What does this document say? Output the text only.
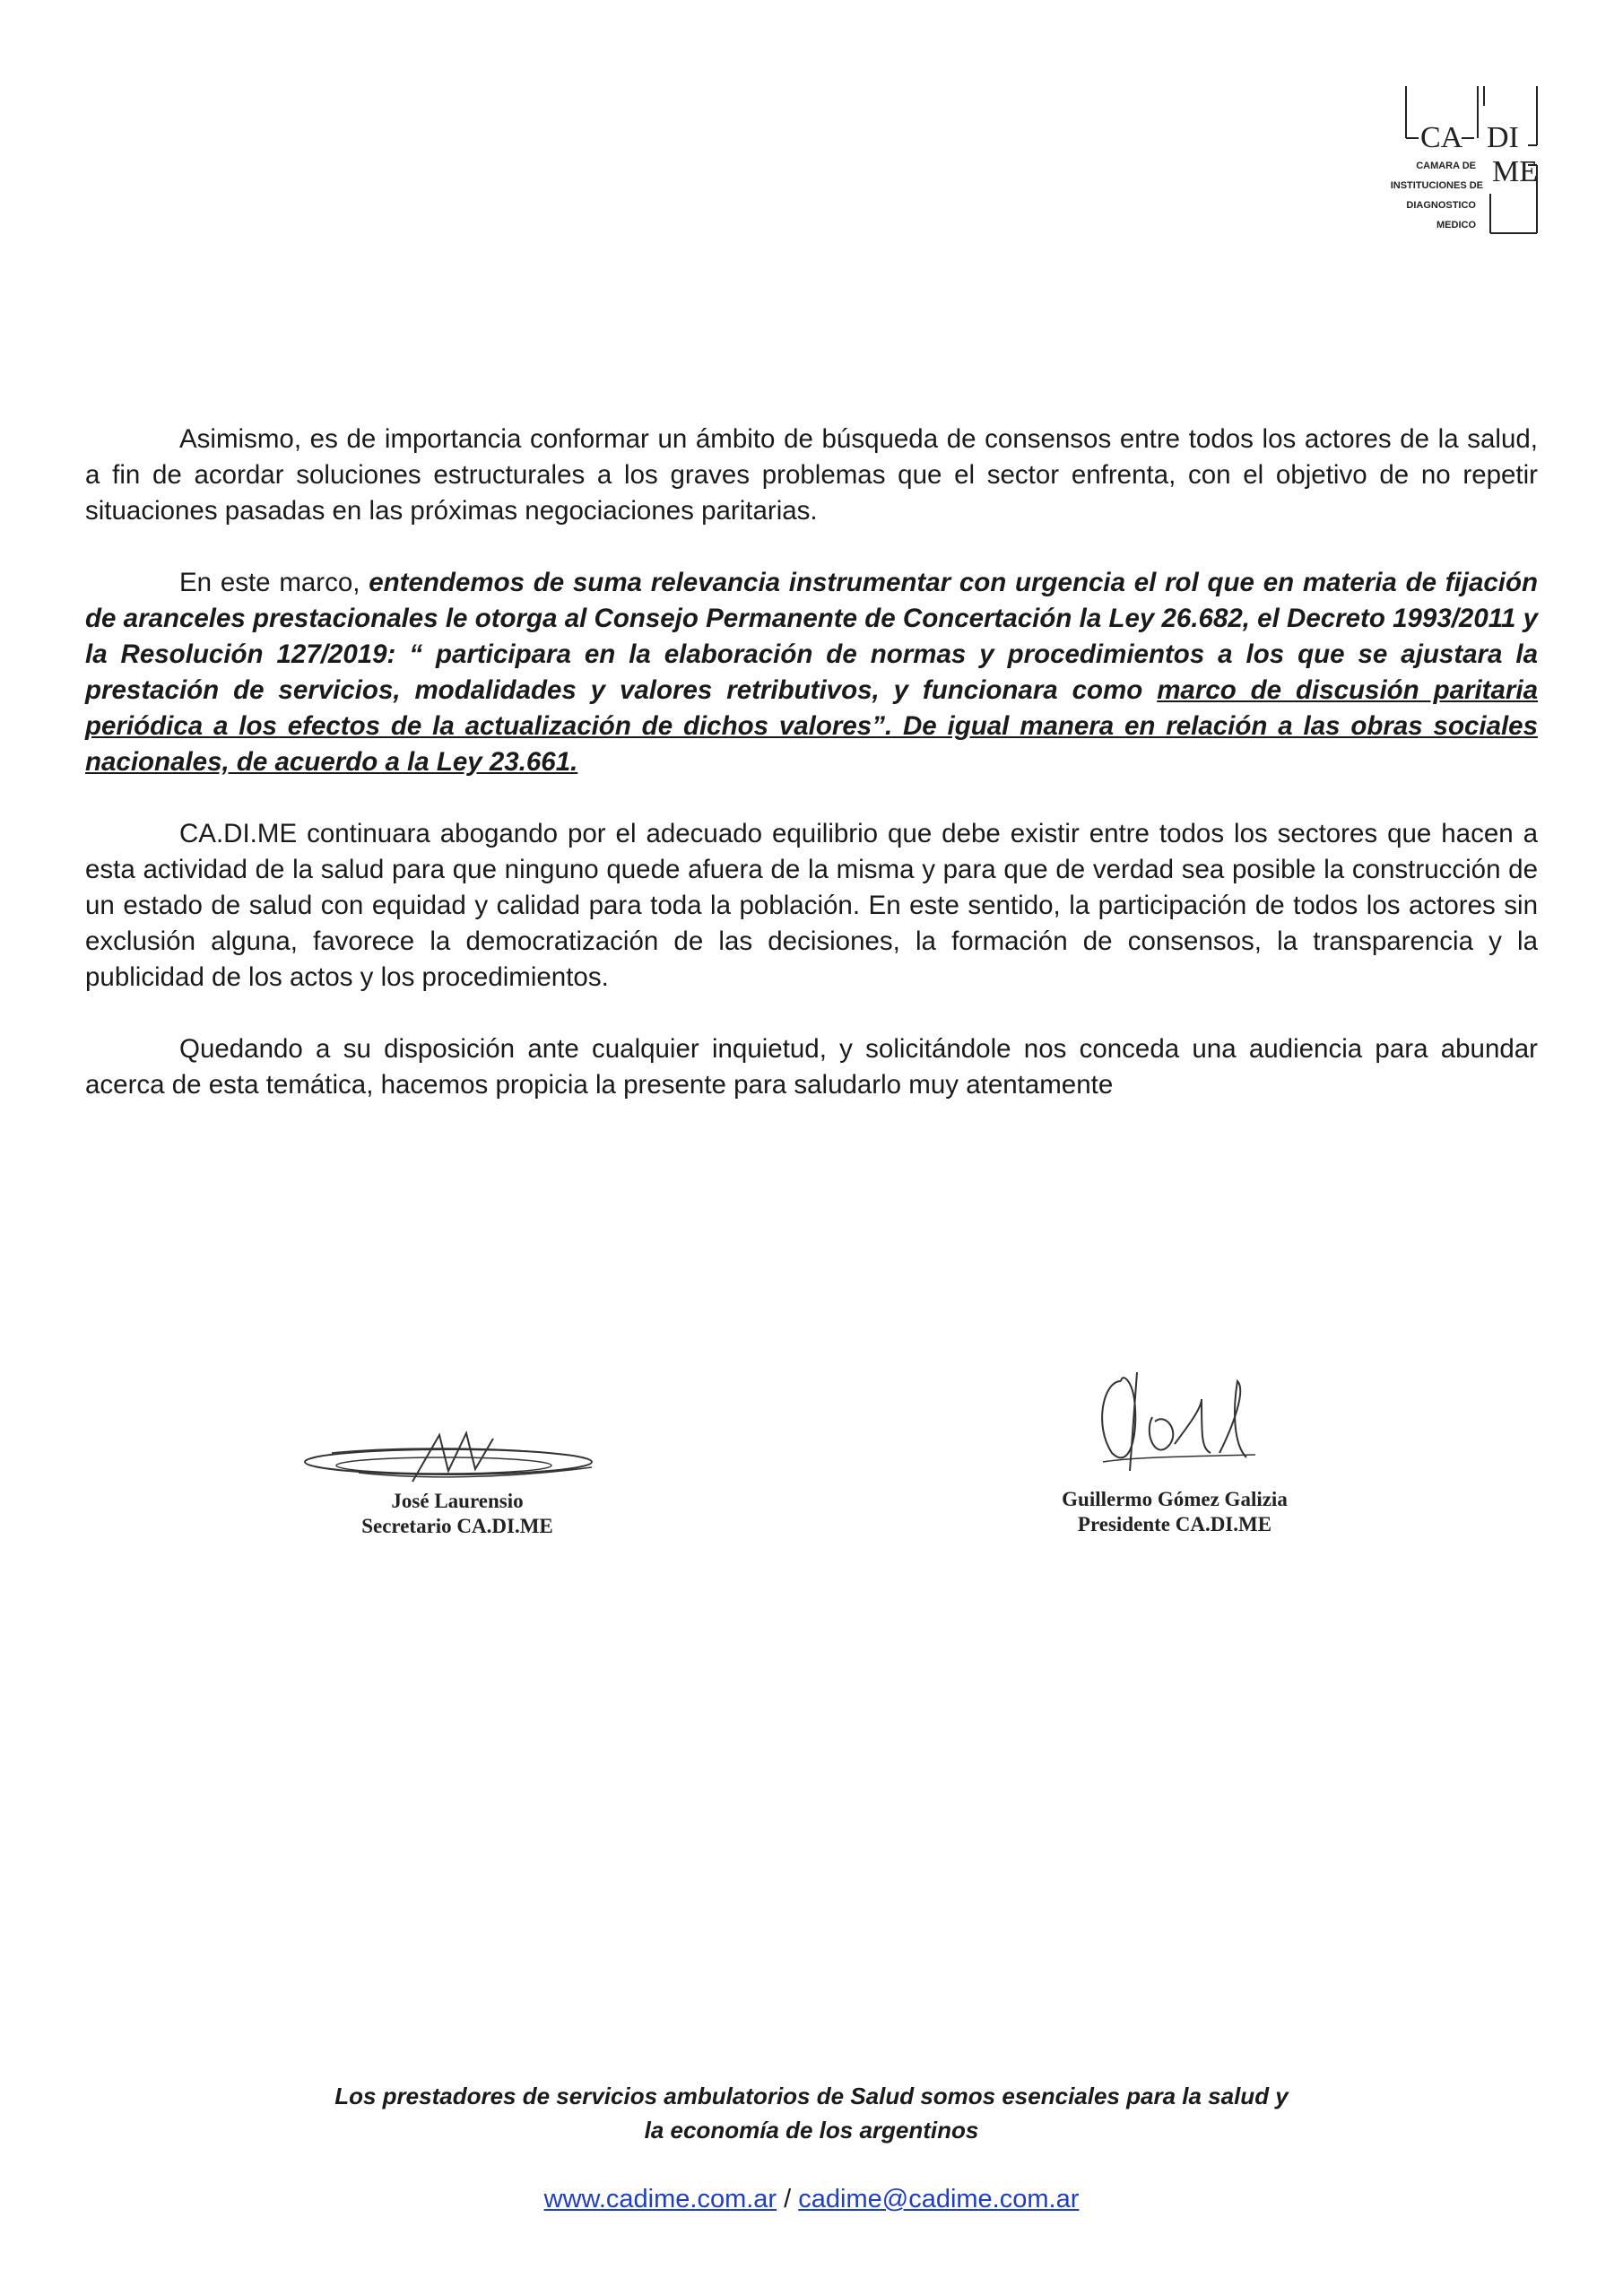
CA DI
ME
CAMARA DE
INSTITUCIONES DE
DIAGNOSTICO
MEDICO

Asimismo, es de importancia conformar un ámbito de búsqueda de consensos entre todos los actores de la salud, a fin de acordar soluciones estructurales a los graves problemas que el sector enfrenta, con el objetivo de no repetir situaciones pasadas en las próximas negociaciones paritarias.

En este marco, entendemos de suma relevancia instrumentar con urgencia el rol que en materia de fijación de aranceles prestacionales le otorga al Consejo Permanente de Concertación la Ley 26.682, el Decreto 1993/2011 y la Resolución 127/2019: “ participara en la elaboración de normas y procedimientos a los que se ajustara la prestación de servicios, modalidades y valores retributivos, y funcionara como marco de discusión paritaria periódica a los efectos de la actualización de dichos valores”. De igual manera en relación a las obras sociales nacionales, de acuerdo a la Ley 23.661.

CA.DI.ME continuara abogando por el adecuado equilibrio que debe existir entre todos los sectores que hacen a esta actividad de la salud para que ninguno quede afuera de la misma y para que de verdad sea posible la construcción de un estado de salud con equidad y calidad para toda la población. En este sentido, la participación de todos los actores sin exclusión alguna, favorece la democratización de las decisiones, la formación de consensos, la transparencia y la publicidad de los actos y los procedimientos.

Quedando a su disposición ante cualquier inquietud, y solicitándole nos conceda una audiencia para abundar acerca de esta temática, hacemos propicia la presente para saludarlo muy atentamente

José Laurensio
Secretario CA.DI.ME
Guillermo Gómez Galizia
Presidente CA.DI.ME
Los prestadores de servicios ambulatorios de Salud somos esenciales para la salud y
la economía de los argentinos
www.cadime.com.ar / cadime@cadime.com.ar
